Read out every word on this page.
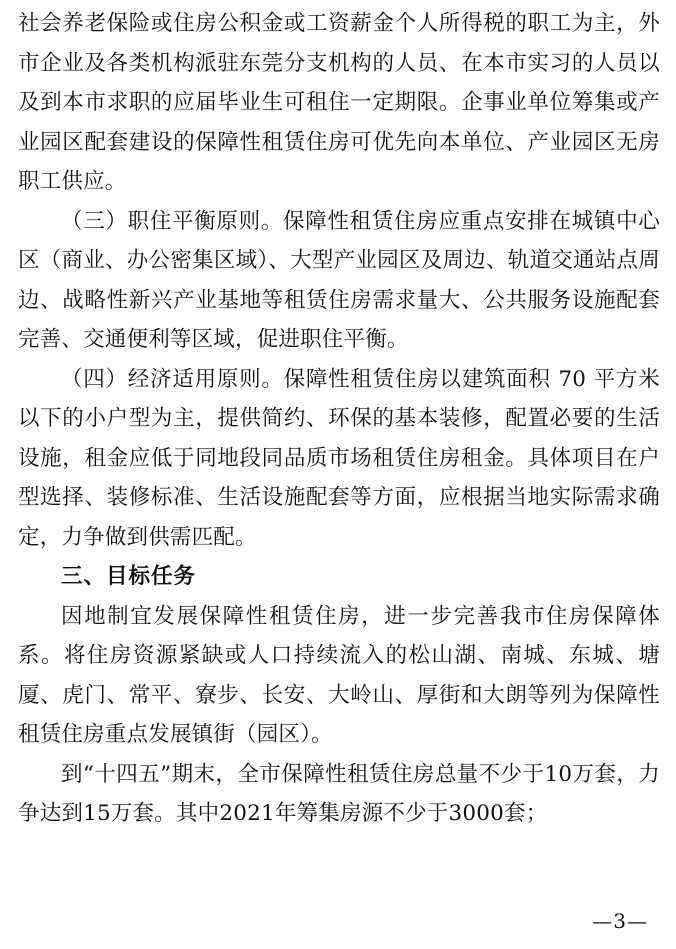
社会养老保险或住房公积金或工资薪金个人所得税的职工为主，外市企业及各类机构派驻东莞分支机构的人员、在本市实习的人员以及到本市求职的应届毕业生可租住一定期限。企事业单位筹集或产业园区配套建设的保障性租赁住房可优先向本单位、产业园区无房职工供应。

（三）职住平衡原则。保障性租赁住房应重点安排在城镇中心区（商业、办公密集区域）、大型产业园区及周边、轨道交通站点周边、战略性新兴产业基地等租赁住房需求量大、公共服务设施配套完善、交通便利等区域，促进职住平衡。

（四）经济适用原则。保障性租赁住房以建筑面积 70 平方米以下的小户型为主，提供简约、环保的基本装修，配置必要的生活设施，租金应低于同地段同品质市场租赁住房租金。具体项目在户型选择、装修标准、生活设施配套等方面，应根据当地实际需求确定，力争做到供需匹配。

三、目标任务

因地制宜发展保障性租赁住房，进一步完善我市住房保障体系。将住房资源紧缺或人口持续流入的松山湖、南城、东城、塘厦、虎门、常平、寮步、长安、大岭山、厚街和大朗等列为保障性租赁住房重点发展镇街（园区）。

到“十四五”期末，全市保障性租赁住房总量不少于10万套，力争达到15万套。其中2021年筹集房源不少于3000套；

—3—
